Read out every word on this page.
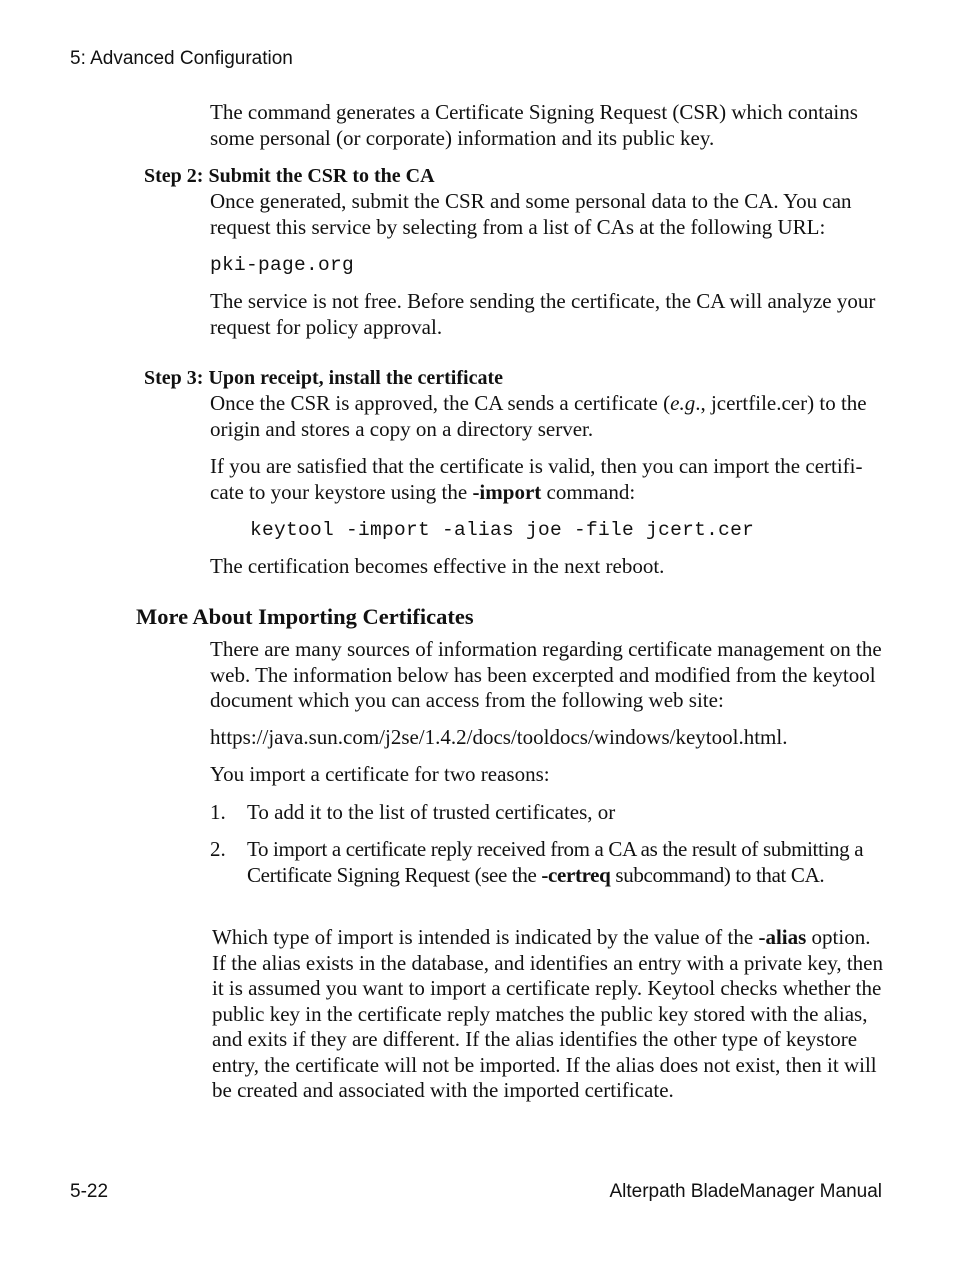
5: Advanced Configuration

The command generates a Certificate Signing Request (CSR) which contains some personal (or corporate) information and its public key.

Step 2: Submit the CSR to the CA

Once generated, submit the CSR and some personal data to the CA. You can request this service by selecting from a list of CAs at the following URL:

pki-page.org

The service is not free. Before sending the certificate, the CA will analyze your request for policy approval.

Step 3: Upon receipt, install the certificate

Once the CSR is approved, the CA sends a certificate (e.g., jcertfile.cer) to the origin and stores a copy on a directory server.

If you are satisfied that the certificate is valid, then you can import the certifi-cate to your keystore using the -import command:

keytool -import -alias joe -file jcert.cer

The certification becomes effective in the next reboot.

More About Importing Certificates

There are many sources of information regarding certificate management on the web. The information below has been excerpted and modified from the keytool document which you can access from the following web site:

https://java.sun.com/j2se/1.4.2/docs/tooldocs/windows/keytool.html.

You import a certificate for two reasons:

1. To add it to the list of trusted certificates, or
2. To import a certificate reply received from a CA as the result of submitting a Certificate Signing Request (see the -certreq subcommand) to that CA.

Which type of import is intended is indicated by the value of the -alias option. If the alias exists in the database, and identifies an entry with a private key, then it is assumed you want to import a certificate reply. Keytool checks whether the public key in the certificate reply matches the public key stored with the alias, and exits if they are different. If the alias identifies the other type of keystore entry, the certificate will not be imported. If the alias does not exist, then it will be created and associated with the imported certificate.

5-22	Alterpath BladeManager Manual
